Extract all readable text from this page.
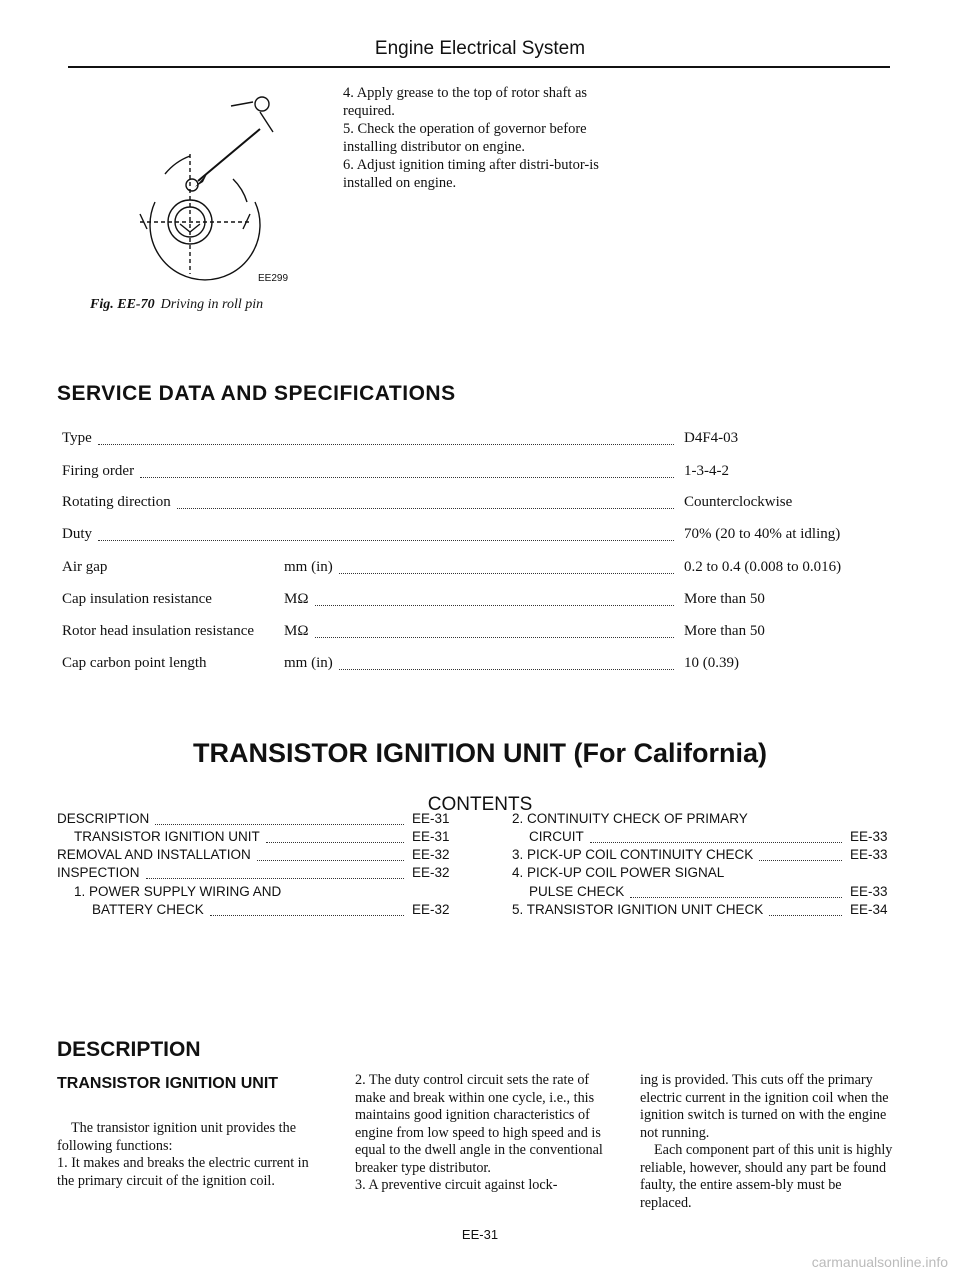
Engine Electrical System
EE299
Fig. EE-70 Driving in roll pin

4. Apply grease to the top of rotor shaft as required.

5. Check the operation of governor before installing distributor on engine.

6. Adjust ignition timing after distri-butor-is installed on engine.

SERVICE DATA AND SPECIFICATIONS
Type	D4F4-03
Firing order	1-3-4-2
Rotating direction	Counterclockwise
Duty	70% (20 to 40% at idling)
Air gap	mm (in)	0.2 to 0.4 (0.008 to 0.016)
Cap insulation resistance	MΩ	More than 50
Rotor head insulation resistance MΩ	More than 50
Cap carbon point length	mm (in)	10 (0.39)
TRANSISTOR IGNITION UNIT (For California)
CONTENTS
DESCRIPTION	EE-31
TRANSISTOR IGNITION UNIT	EE-31
REMOVAL AND INSTALLATION	EE-32
INSPECTION	EE-32
1. POWER SUPPLY WIRING AND
BATTERY CHECK	EE-32
2. CONTINUITY CHECK OF PRIMARY
CIRCUIT	EE-33
3. PICK-UP COIL CONTINUITY CHECK	EE-33
4. PICK-UP COIL POWER SIGNAL
PULSE CHECK	EE-33
5. TRANSISTOR IGNITION UNIT CHECK	EE-34
DESCRIPTION
TRANSISTOR IGNITION UNIT

The transistor ignition unit provides the following functions:

1. It makes and breaks the electric current in the primary circuit of the ignition coil.

2. The duty control circuit sets the rate of make and break within one cycle, i.e., this maintains good ignition characteristics of engine from low speed to high speed and is equal to the dwell angle in the conventional breaker type distributor.

3. A preventive circuit against lock-

ing is provided. This cuts off the primary electric current in the ignition coil when the ignition switch is turned on with the engine not running.

Each component part of this unit is highly reliable, however, should any part be found faulty, the entire assem-bly must be replaced.

EE-31
carmanualsonline.info
